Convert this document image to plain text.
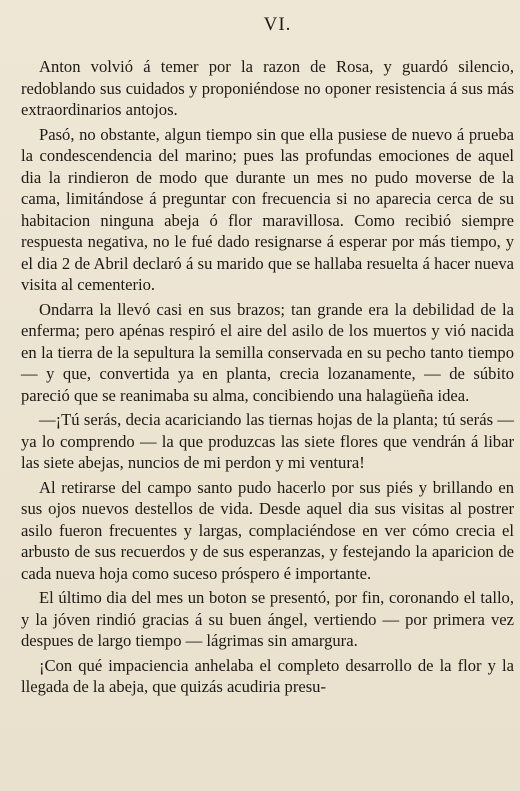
VI.

Anton volvió á temer por la razon de Rosa, y guardó silencio, redoblando sus cuidados y proponiéndose no oponer resistencia á sus más extraordinarios antojos.

Pasó, no obstante, algun tiempo sin que ella pusiese de nuevo á prueba la condescendencia del marino; pues las profundas emociones de aquel dia la rindieron de modo que durante un mes no pudo moverse de la cama, limitándose á preguntar con frecuencia si no aparecia cerca de su habitacion ninguna abeja ó flor maravillosa. Como recibió siempre respuesta negativa, no le fué dado resignarse á esperar por más tiempo, y el dia 2 de Abril declaró á su marido que se hallaba resuelta á hacer nueva visita al cementerio.

Ondarra la llevó casi en sus brazos; tan grande era la debilidad de la enferma; pero apénas respiró el aire del asilo de los muertos y vió nacida en la tierra de la sepultura la semilla conservada en su pecho tanto tiempo — y que, convertida ya en planta, crecia lozanamente, — de súbito pareció que se reanimaba su alma, concibiendo una halagüeña idea.

—¡Tú serás, decia acariciando las tiernas hojas de la planta; tú serás — ya lo comprendo — la que produzcas las siete flores que vendrán á libar las siete abejas, nuncios de mi perdon y mi ventura!

Al retirarse del campo santo pudo hacerlo por sus piés y brillando en sus ojos nuevos destellos de vida. Desde aquel dia sus visitas al postrer asilo fueron frecuentes y largas, complaciéndose en ver cómo crecia el arbusto de sus recuerdos y de sus esperanzas, y festejando la aparicion de cada nueva hoja como suceso próspero é importante.

El último dia del mes un boton se presentó, por fin, coronando el tallo, y la jóven rindió gracias á su buen ángel, vertiendo — por primera vez despues de largo tiempo — lágrimas sin amargura.

¡Con qué impaciencia anhelaba el completo desarrollo de la flor y la llegada de la abeja, que quizás acudiria presu-
